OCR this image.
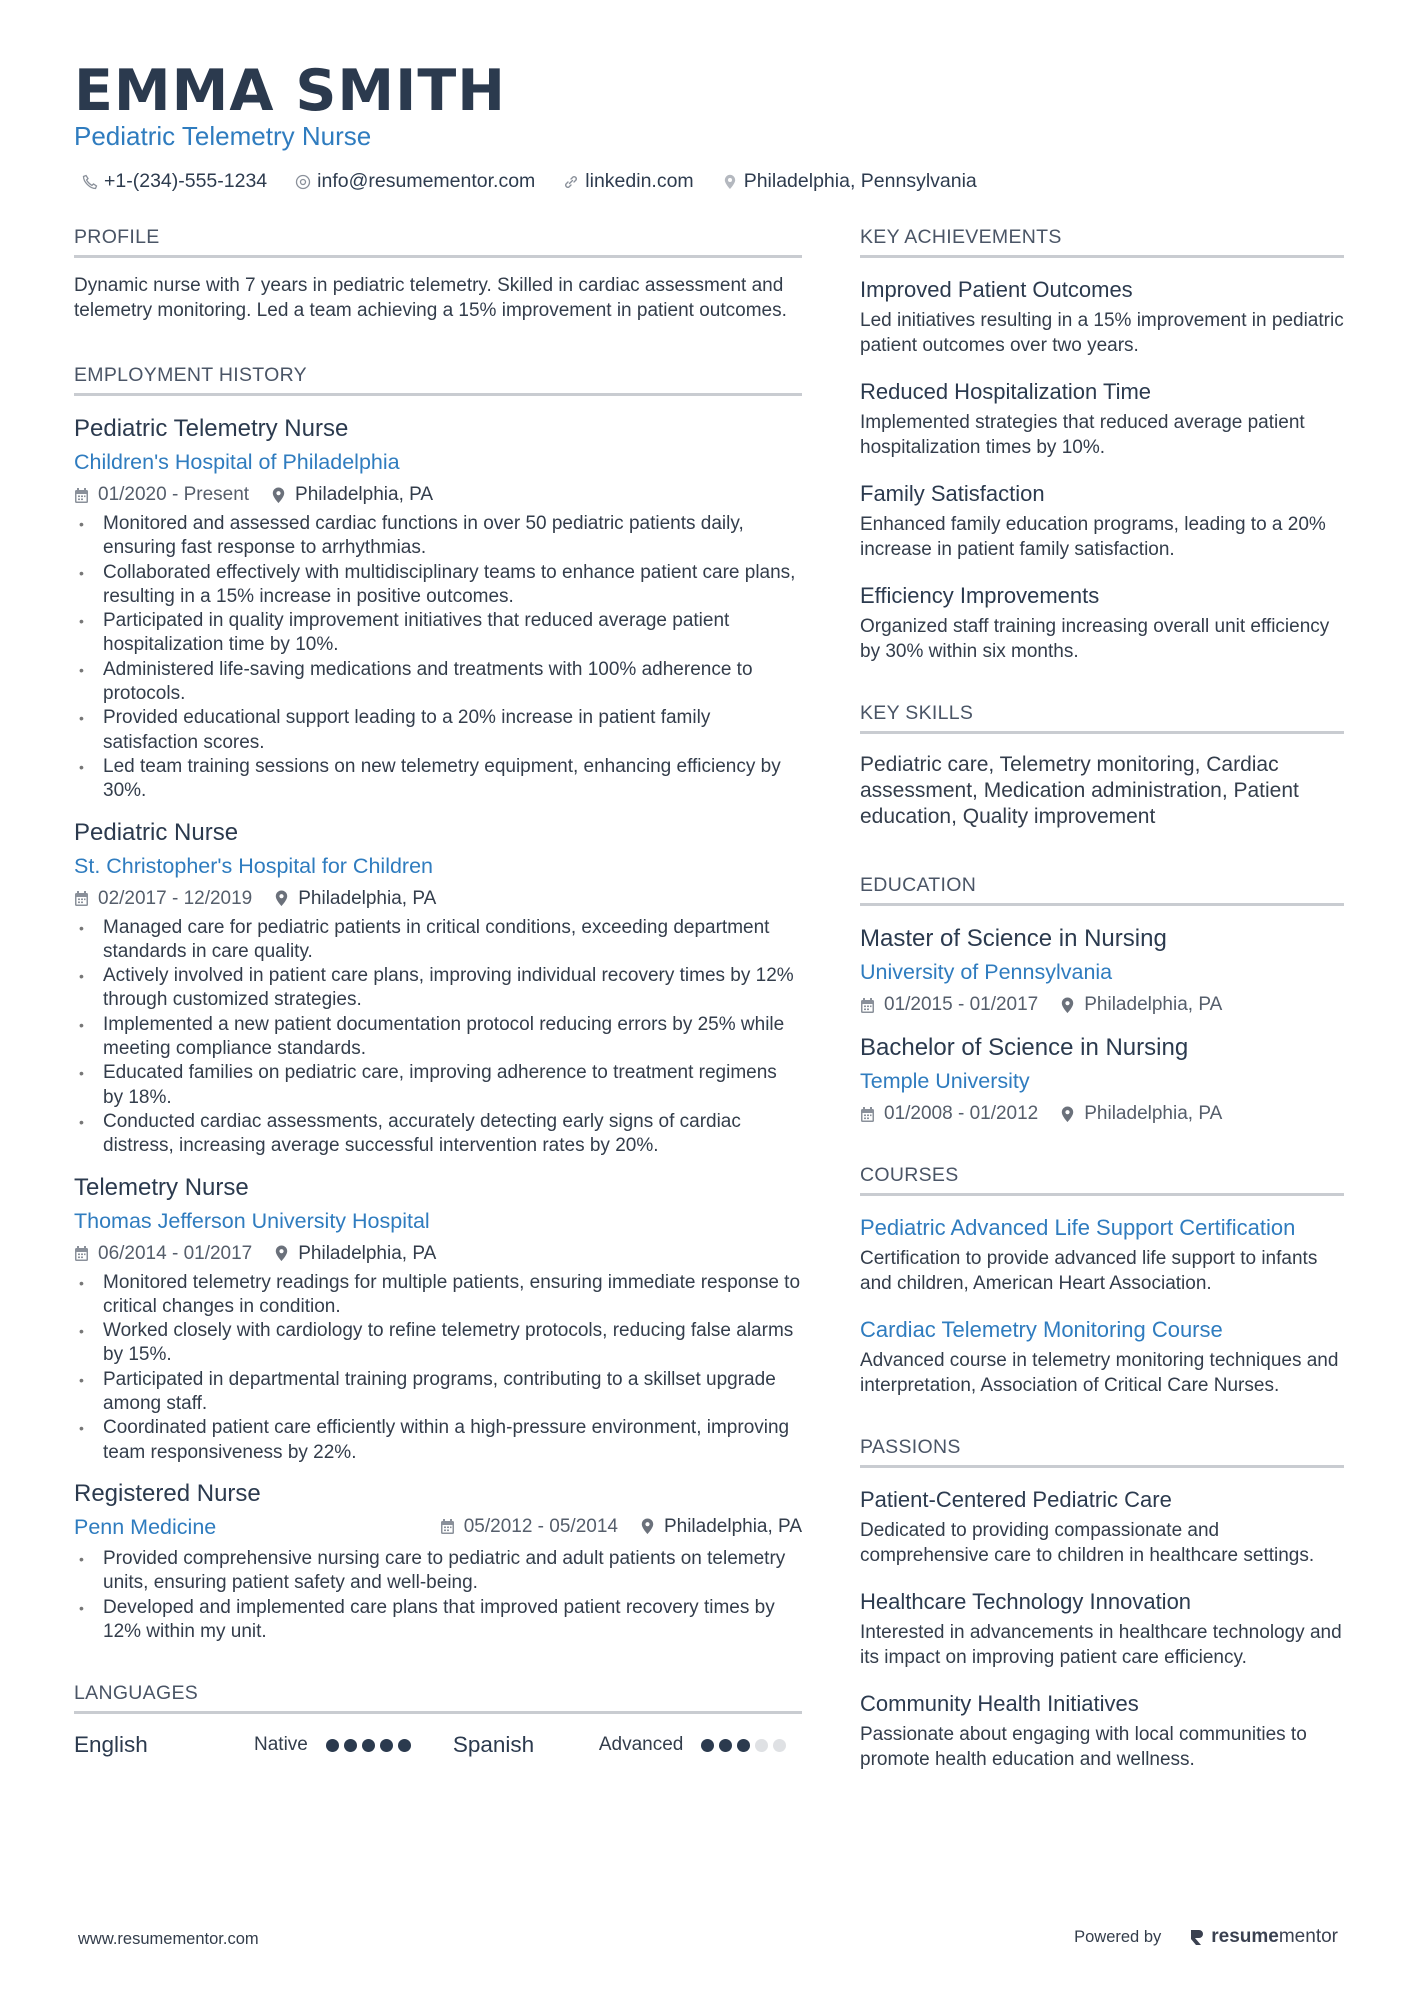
EMMA SMITH
Pediatric Telemetry Nurse
+1-(234)-555-1234	info@resumementor.com	linkedin.com	Philadelphia, Pennsylvania
PROFILE
Dynamic nurse with 7 years in pediatric telemetry. Skilled in cardiac assessment and telemetry monitoring. Led a team achieving a 15% improvement in patient outcomes.
EMPLOYMENT HISTORY
Pediatric Telemetry Nurse
Children's Hospital of Philadelphia
01/2020 - Present Philadelphia, PA
• Monitored and assessed cardiac functions in over 50 pediatric patients daily, ensuring fast response to arrhythmias.
• Collaborated effectively with multidisciplinary teams to enhance patient care plans, resulting in a 15% increase in positive outcomes.
• Participated in quality improvement initiatives that reduced average patient hospitalization time by 10%.
• Administered life-saving medications and treatments with 100% adherence to protocols.
• Provided educational support leading to a 20% increase in patient family satisfaction scores.
• Led team training sessions on new telemetry equipment, enhancing efficiency by 30%.
Pediatric Nurse
St. Christopher's Hospital for Children
02/2017 - 12/2019 Philadelphia, PA
• Managed care for pediatric patients in critical conditions, exceeding department standards in care quality.
• Actively involved in patient care plans, improving individual recovery times by 12% through customized strategies.
• Implemented a new patient documentation protocol reducing errors by 25% while meeting compliance standards.
• Educated families on pediatric care, improving adherence to treatment regimens by 18%.
• Conducted cardiac assessments, accurately detecting early signs of cardiac distress, increasing average successful intervention rates by 20%.
Telemetry Nurse
Thomas Jefferson University Hospital
06/2014 - 01/2017 Philadelphia, PA
• Monitored telemetry readings for multiple patients, ensuring immediate response to critical changes in condition.
• Worked closely with cardiology to refine telemetry protocols, reducing false alarms by 15%.
• Participated in departmental training programs, contributing to a skillset upgrade among staff.
• Coordinated patient care efficiently within a high-pressure environment, improving team responsiveness by 22%.
Registered Nurse
Penn Medicine	05/2012 - 05/2014 Philadelphia, PA
• Provided comprehensive nursing care to pediatric and adult patients on telemetry units, ensuring patient safety and well-being.
• Developed and implemented care plans that improved patient recovery times by 12% within my unit.
LANGUAGES
English	Native	Spanish	Advanced
KEY ACHIEVEMENTS
Improved Patient Outcomes
Led initiatives resulting in a 15% improvement in pediatric patient outcomes over two years.
Reduced Hospitalization Time
Implemented strategies that reduced average patient hospitalization times by 10%.
Family Satisfaction
Enhanced family education programs, leading to a 20% increase in patient family satisfaction.
Efficiency Improvements
Organized staff training increasing overall unit efficiency by 30% within six months.
KEY SKILLS
Pediatric care, Telemetry monitoring, Cardiac assessment, Medication administration, Patient education, Quality improvement
EDUCATION
Master of Science in Nursing
University of Pennsylvania
01/2015 - 01/2017 Philadelphia, PA
Bachelor of Science in Nursing
Temple University
01/2008 - 01/2012 Philadelphia, PA
COURSES
Pediatric Advanced Life Support Certification
Certification to provide advanced life support to infants and children, American Heart Association.
Cardiac Telemetry Monitoring Course
Advanced course in telemetry monitoring techniques and interpretation, Association of Critical Care Nurses.
PASSIONS
Patient-Centered Pediatric Care
Dedicated to providing compassionate and comprehensive care to children in healthcare settings.
Healthcare Technology Innovation
Interested in advancements in healthcare technology and its impact on improving patient care efficiency.
Community Health Initiatives
Passionate about engaging with local communities to promote health education and wellness.
www.resumementor.com	Powered by	resumementor
